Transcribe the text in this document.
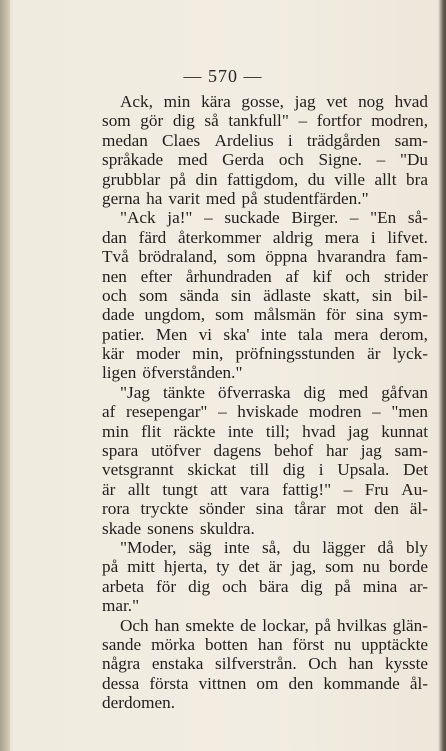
— 570 —
Ack, min kära gosse, jag vet nog hvad
som gör dig så tankfull" – fortfor modren,
medan Claes Ardelius i trädgården sam-
språkade med Gerda och Signe. – "Du
grubblar på din fattigdom, du ville allt bra
gerna ha varit med på studentfärden."
"Ack ja!" – suckade Birger. – "En så-
dan färd återkommer aldrig mera i lifvet.
Två brödraland, som öppna hvarandra fam-
nen efter århundraden af kif och strider
och som sända sin ädlaste skatt, sin bil-
dade ungdom, som målsmän för sina sym-
patier. Men vi ska' inte tala mera derom,
kär moder min, pröfningsstunden är lyck-
ligen öfverstånden."
"Jag tänkte öfverraska dig med gåfvan
af resepengar" – hviskade modren – "men
min flit räckte inte till; hvad jag kunnat
spara utöfver dagens behof har jag sam-
vetsgrannt skickat till dig i Upsala. Det
är allt tungt att vara fattig!" – Fru Au-
rora tryckte sönder sina tårar mot den äl-
skade sonens skuldra.
"Moder, säg inte så, du lägger då bly
på mitt hjerta, ty det är jag, som nu borde
arbeta för dig och bära dig på mina ar-
mar."
Och han smekte de lockar, på hvilkas glän-
sande mörka botten han först nu upptäckte
några enstaka silfverstrån. Och han kysste
dessa första vittnen om den kommande ål-
derdomen.
